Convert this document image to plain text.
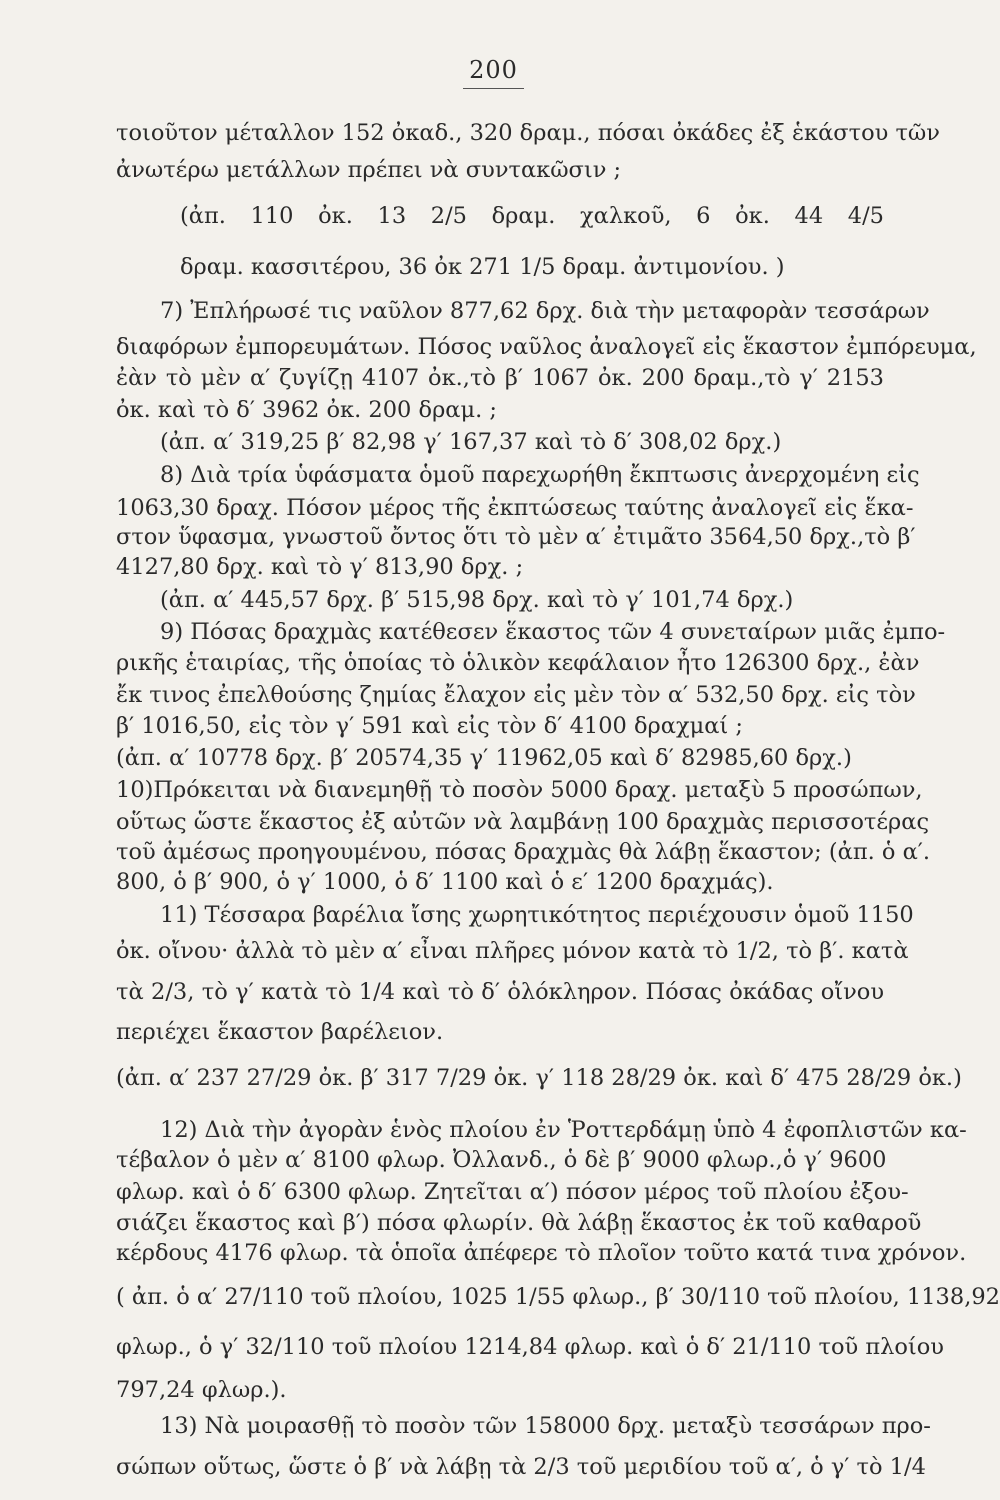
200
τοιοῦτον μέταλλον 152 ὀκαδ., 320 δραμ., πόσαι ὀκάδες ἐξ ἑκάστου τῶν
ἀνωτέρω μετάλλων πρέπει νὰ συντακῶσιν ;
(ἀπ. 110 ὀκ. 13 2/5 δραμ. χαλκοῦ, 6 ὀκ. 44 4/5
δραμ. κασσιτέρου, 36 ὀκ 271 1/5 δραμ. ἀντιμονίου. )
7) Ἐπλήρωσέ τις ναῦλον 877,62 δρχ. διὰ τὴν μεταφορὰν τεσσάρων
διαφόρων ἐμπορευμάτων. Πόσος ναῦλος ἀναλογεῖ εἰς ἕκαστον ἐμπόρευμα,
ἐὰν τὸ μὲν α′ ζυγίζῃ 4107 ὀκ.,τὸ β′ 1067 ὀκ. 200 δραμ.,τὸ γ′ 2153
ὀκ. καὶ τὸ δ′ 3962 ὀκ. 200 δραμ. ;
(ἀπ. α′ 319,25 β′ 82,98 γ′ 167,37 καὶ τὸ δ′ 308,02 δρχ.)
8) Διὰ τρία ὑφάσματα ὁμοῦ παρεχωρήθη ἔκπτωσις ἀνερχομένη εἰς
1063,30 δραχ. Πόσον μέρος τῆς ἐκπτώσεως ταύτης ἀναλογεῖ εἰς ἕκα-
στον ὕφασμα, γνωστοῦ ὄντος ὅτι τὸ μὲν α′ ἐτιμᾶτο 3564,50 δρχ.,τὸ β′
4127,80 δρχ. καὶ τὸ γ′ 813,90 δρχ. ;
(ἀπ. α′ 445,57 δρχ. β′ 515,98 δρχ. καὶ τὸ γ′ 101,74 δρχ.)
9) Πόσας δραχμὰς κατέθεσεν ἕκαστος τῶν 4 συνεταίρων μιᾶς ἐμπο-
ρικῆς ἑταιρίας, τῆς ὁποίας τὸ ὁλικὸν κεφάλαιον ἦτο 126300 δρχ., ἐὰν
ἔκ τινος ἐπελθούσης ζημίας ἔλαχον εἰς μὲν τὸν α′ 532,50 δρχ. εἰς τὸν
β′ 1016,50, εἰς τὸν γ′ 591 καὶ εἰς τὸν δ′ 4100 δραχμαί ;
(ἀπ. α′ 10778 δρχ. β′ 20574,35 γ′ 11962,05 καὶ δ′ 82985,60 δρχ.)
10)Πρόκειται νὰ διανεμηθῇ τὸ ποσὸν 5000 δραχ. μεταξὺ 5 προσώπων,
οὕτως ὥστε ἕκαστος ἐξ αὐτῶν νὰ λαμβάνῃ 100 δραχμὰς περισσοτέρας
τοῦ ἀμέσως προηγουμένου, πόσας δραχμὰς θὰ λάβῃ ἕκαστον; (ἀπ. ὁ α′.
800, ὁ β′ 900, ὁ γ′ 1000, ὁ δ′ 1100 καὶ ὁ ε′ 1200 δραχμάς).
11) Τέσσαρα βαρέλια ἴσης χωρητικότητος περιέχουσιν ὁμοῦ 1150
ὀκ. οἴνου· ἀλλὰ τὸ μὲν α′ εἶναι πλῆρες μόνον κατὰ τὸ 1/2, τὸ β′. κατὰ
τὰ 2/3, τὸ γ′ κατὰ τὸ 1/4 καὶ τὸ δ′ ὁλόκληρον. Πόσας ὀκάδας οἴνου
περιέχει ἕκαστον βαρέλειον.
(ἀπ. α′ 237 27/29 ὀκ. β′ 317 7/29 ὀκ. γ′ 118 28/29 ὀκ. καὶ δ′ 475 28/29 ὀκ.)
12) Διὰ τὴν ἀγορὰν ἑνὸς πλοίου ἐν Ῥοττερδάμῃ ὑπὸ 4 ἐφοπλιστῶν κα-
τέβαλον ὁ μὲν α′ 8100 φλωρ. Ὀλλανδ., ὁ δὲ β′ 9000 φλωρ.,ὁ γ′ 9600
φλωρ. καὶ ὁ δ′ 6300 φλωρ. Ζητεῖται α′) πόσον μέρος τοῦ πλοίου ἐξου-
σιάζει ἕκαστος καὶ β′) πόσα φλωρίν. θὰ λάβῃ ἕκαστος ἐκ τοῦ καθαροῦ
κέρδους 4176 φλωρ. τὰ ὁποῖα ἀπέφερε τὸ πλοῖον τοῦτο κατά τινα χρόνον.
( ἀπ. ὁ α′ 27/110 τοῦ πλοίου, 1025 1/55 φλωρ., β′ 30/110 τοῦ πλοίου, 1138,92
φλωρ., ὁ γ′ 32/110 τοῦ πλοίου 1214,84 φλωρ. καὶ ὁ δ′ 21/110 τοῦ πλοίου
797,24 φλωρ.).
13) Νὰ μοιρασθῇ τὸ ποσὸν τῶν 158000 δρχ. μεταξὺ τεσσάρων προ-
σώπων οὕτως, ὥστε ὁ β′ νὰ λάβῃ τὰ 2/3 τοῦ μεριδίου τοῦ α′, ὁ γ′ τὸ 1/4
